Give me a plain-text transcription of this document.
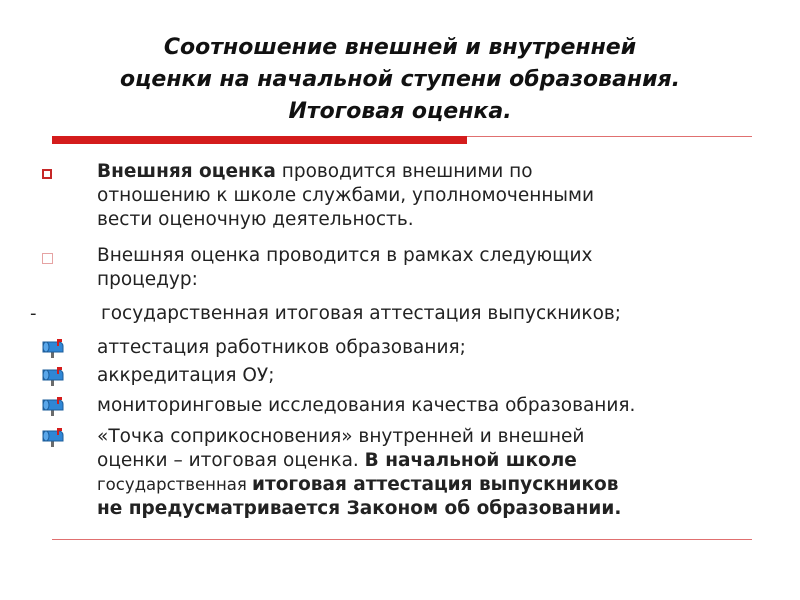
Соотношение внешней и внутренней
оценки на начальной ступени образования.
Итоговая оценка.
Внешняя оценка проводится внешними по
отношению к школе службами, уполномоченными
вести оценочную деятельность.
Внешняя оценка проводится в рамках следующих
процедур:
-	государственная итоговая аттестация выпускников;
аттестация работников образования;
аккредитация ОУ;
мониторинговые исследования качества образования.
«Точка соприкосновения» внутренней и внешней
оценки – итоговая оценка. В начальной школе
государственная итоговая аттестация выпускников
не предусматривается Законом об образовании.
